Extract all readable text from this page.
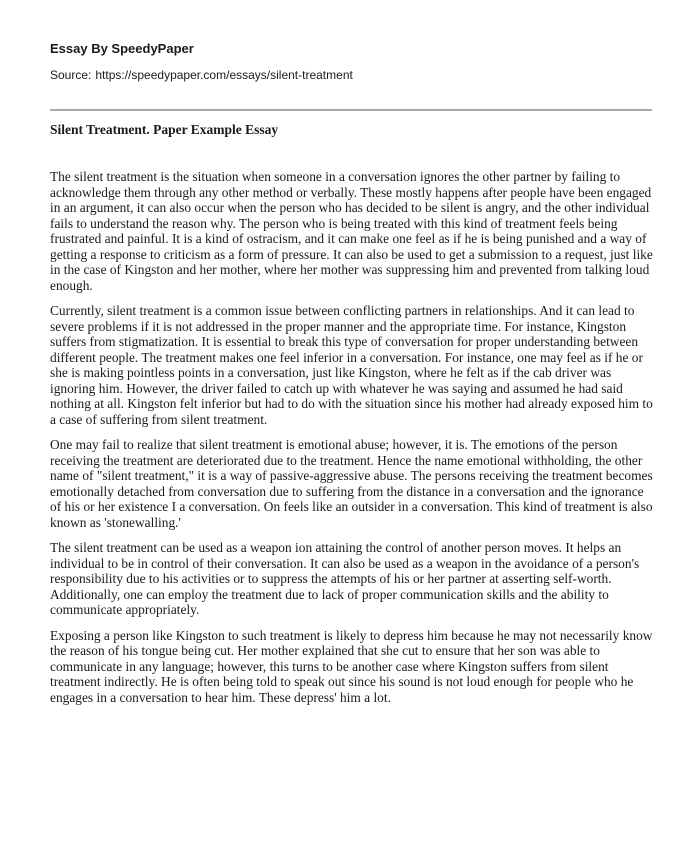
Essay By SpeedyPaper

Source: https://speedypaper.com/essays/silent-treatment
Silent Treatment. Paper Example Essay

The silent treatment is the situation when someone in a conversation ignores the other partner by failing to acknowledge them through any other method or verbally. These mostly happens after people have been engaged in an argument, it can also occur when the person who has decided to be silent is angry, and the other individual fails to understand the reason why. The person who is being treated with this kind of treatment feels being frustrated and painful. It is a kind of ostracism, and it can make one feel as if he is being punished and a way of getting a response to criticism as a form of pressure. It can also be used to get a submission to a request, just like in the case of Kingston and her mother, where her mother was suppressing him and prevented from talking loud enough.

Currently, silent treatment is a common issue between conflicting partners in relationships. And it can lead to severe problems if it is not addressed in the proper manner and the appropriate time. For instance, Kingston suffers from stigmatization. It is essential to break this type of conversation for proper understanding between different people. The treatment makes one feel inferior in a conversation. For instance, one may feel as if he or she is making pointless points in a conversation, just like Kingston, where he felt as if the cab driver was ignoring him. However, the driver failed to catch up with whatever he was saying and assumed he had said nothing at all. Kingston felt inferior but had to do with the situation since his mother had already exposed him to a case of suffering from silent treatment.

One may fail to realize that silent treatment is emotional abuse; however, it is. The emotions of the person receiving the treatment are deteriorated due to the treatment. Hence the name emotional withholding, the other name of "silent treatment," it is a way of passive-aggressive abuse. The persons receiving the treatment becomes emotionally detached from conversation due to suffering from the distance in a conversation and the ignorance of his or her existence I a conversation. On feels like an outsider in a conversation. This kind of treatment is also known as 'stonewalling.'

The silent treatment can be used as a weapon ion attaining the control of another person moves. It helps an individual to be in control of their conversation. It can also be used as a weapon in the avoidance of a person's responsibility due to his activities or to suppress the attempts of his or her partner at asserting self-worth. Additionally, one can employ the treatment due to lack of proper communication skills and the ability to communicate appropriately.

Exposing a person like Kingston to such treatment is likely to depress him because he may not necessarily know the reason of his tongue being cut. Her mother explained that she cut to ensure that her son was able to communicate in any language; however, this turns to be another case where Kingston suffers from silent treatment indirectly. He is often being told to speak out since his sound is not loud enough for people who he engages in a conversation to hear him. These depress' him a lot.
